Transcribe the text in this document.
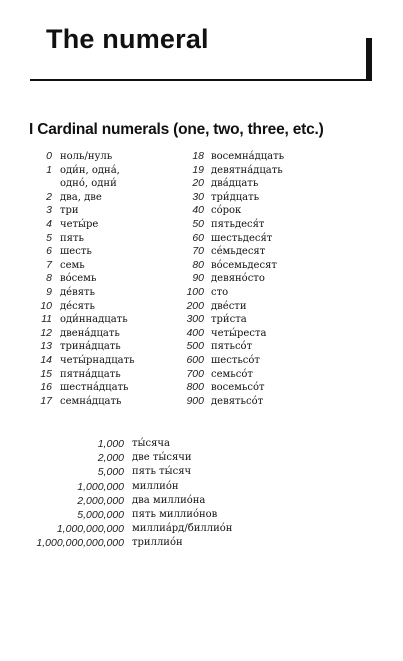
The numeral
I Cardinal numerals (one, two, three, etc.)
0 ноль/нуль
1 оди́н, одна́,
одно́, одни́
2 два, две
3 три
4 четы́ре
5 пять
6 шесть
7 семь
8 во́семь
9 де́вять
10 де́сять
11 оди́ннадцать
12 двена́дцать
13 трина́дцать
14 четы́рнадцать
15 пятна́дцать
16 шестна́дцать
17 семна́дцать
18 восемна́дцать
19 девятна́дцать
20 два́дцать
30 три́дцать
40 со́рок
50 пятьдеся́т
60 шестьдеся́т
70 се́мьдесят
80 во́семьдесят
90 девяно́сто
100 сто
200 две́сти
300 три́ста
400 четы́реста
500 пятьсо́т
600 шестьсо́т
700 семьсо́т
800 восемьсо́т
900 девятьсо́т
1,000 ты́сяча
2,000 две ты́сячи
5,000 пять ты́сяч
1,000,000 миллио́н
2,000,000 два миллио́на
5,000,000 пять миллио́нов
1,000,000,000 миллиа́рд/биллио́н
1,000,000,000,000 триллио́н
